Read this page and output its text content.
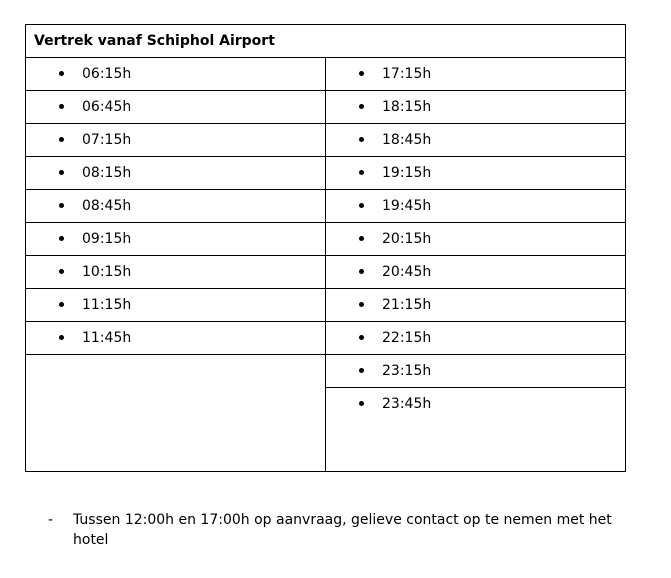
Vertrek vanaf Schiphol Airport
06:15h
06:45h
07:15h
08:15h
08:45h
09:15h
10:15h
11:15h
11:45h
17:15h
18:15h
18:45h
19:15h
19:45h
20:15h
20:45h
21:15h
22:15h
23:15h
23:45h
- Tussen 12:00h en 17:00h op aanvraag, gelieve contact op te nemen met het hotel
